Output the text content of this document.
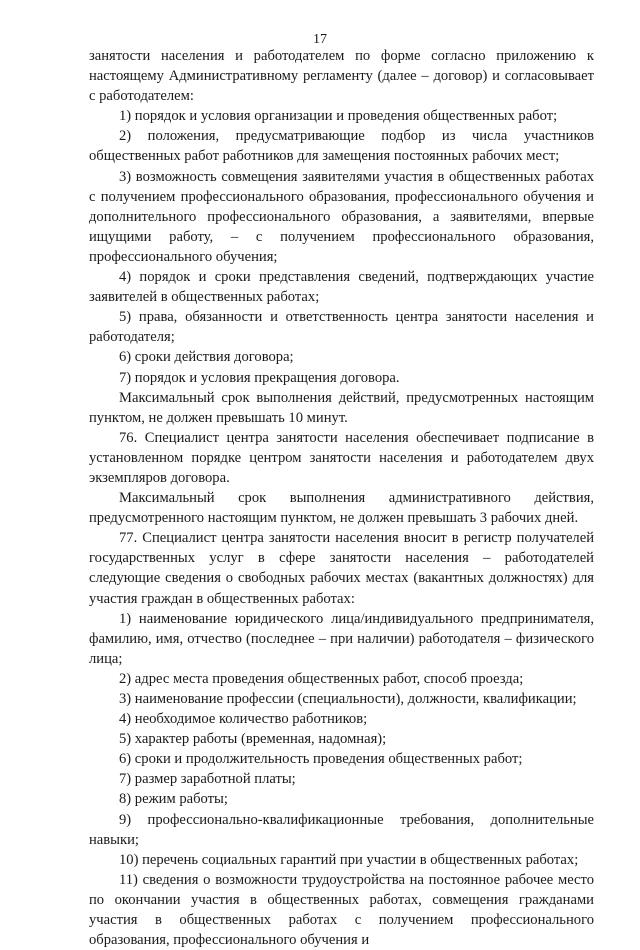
17

занятости населения и работодателем по форме согласно приложению к настоящему Административному регламенту (далее – договор) и согласовывает с работодателем:

1) порядок и условия организации и проведения общественных работ;

2) положения, предусматривающие подбор из числа участников общественных работ работников для замещения постоянных рабочих мест;

3) возможность совмещения заявителями участия в общественных работах с получением профессионального образования, профессионального обучения и дополнительного профессионального образования, а заявителями, впервые ищущими работу, – с получением профессионального образования, профессионального обучения;

4) порядок и сроки представления сведений, подтверждающих участие заявителей в общественных работах;

5) права, обязанности и ответственность центра занятости населения и работодателя;

6) сроки действия договора;

7) порядок и условия прекращения договора.

Максимальный срок выполнения действий, предусмотренных настоящим пунктом, не должен превышать 10 минут.

76. Специалист центра занятости населения обеспечивает подписание в установленном порядке центром занятости населения и работодателем двух экземпляров договора.

Максимальный срок выполнения административного действия, предусмотренного настоящим пунктом, не должен превышать 3 рабочих дней.

77. Специалист центра занятости населения вносит в регистр получателей государственных услуг в сфере занятости населения – работодателей следующие сведения о свободных рабочих местах (вакантных должностях) для участия граждан в общественных работах:

1) наименование юридического лица/индивидуального предпринимателя, фамилию, имя, отчество (последнее – при наличии) работодателя – физического лица;

2) адрес места проведения общественных работ, способ проезда;

3) наименование профессии (специальности), должности, квалификации;

4) необходимое количество работников;

5) характер работы (временная, надомная);

6) сроки и продолжительность проведения общественных работ;

7) размер заработной платы;

8) режим работы;

9) профессионально-квалификационные требования, дополнительные навыки;

10) перечень социальных гарантий при участии в общественных работах;

11) сведения о возможности трудоустройства на постоянное рабочее место по окончании участия в общественных работах, совмещения гражданами участия в общественных работах с получением профессионального образования, профессионального обучения и
